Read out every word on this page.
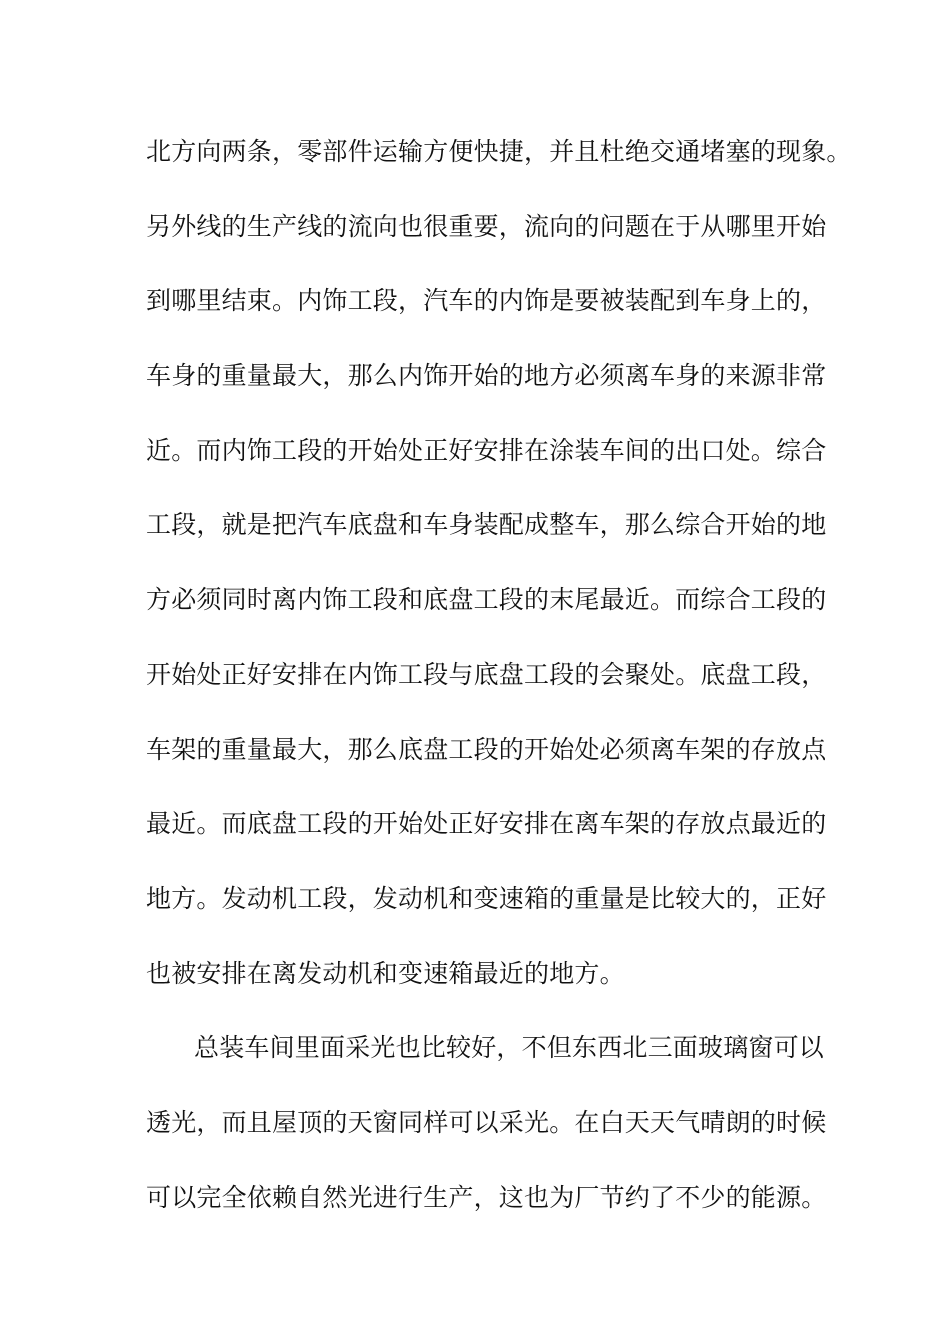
北方向两条，零部件运输方便快捷，并且杜绝交通堵塞的现象。
另外线的生产线的流向也很重要，流向的问题在于从哪里开始
到哪里结束。内饰工段，汽车的内饰是要被装配到车身上的，
车身的重量最大，那么内饰开始的地方必须离车身的来源非常
近。而内饰工段的开始处正好安排在涂装车间的出口处。综合
工段，就是把汽车底盘和车身装配成整车，那么综合开始的地
方必须同时离内饰工段和底盘工段的末尾最近。而综合工段的
开始处正好安排在内饰工段与底盘工段的会聚处。底盘工段，
车架的重量最大，那么底盘工段的开始处必须离车架的存放点
最近。而底盘工段的开始处正好安排在离车架的存放点最近的
地方。发动机工段，发动机和变速箱的重量是比较大的，正好
也被安排在离发动机和变速箱最近的地方。
总装车间里面采光也比较好，不但东西北三面玻璃窗可以
透光，而且屋顶的天窗同样可以采光。在白天天气晴朗的时候
可以完全依赖自然光进行生产，这也为厂节约了不少的能源。
